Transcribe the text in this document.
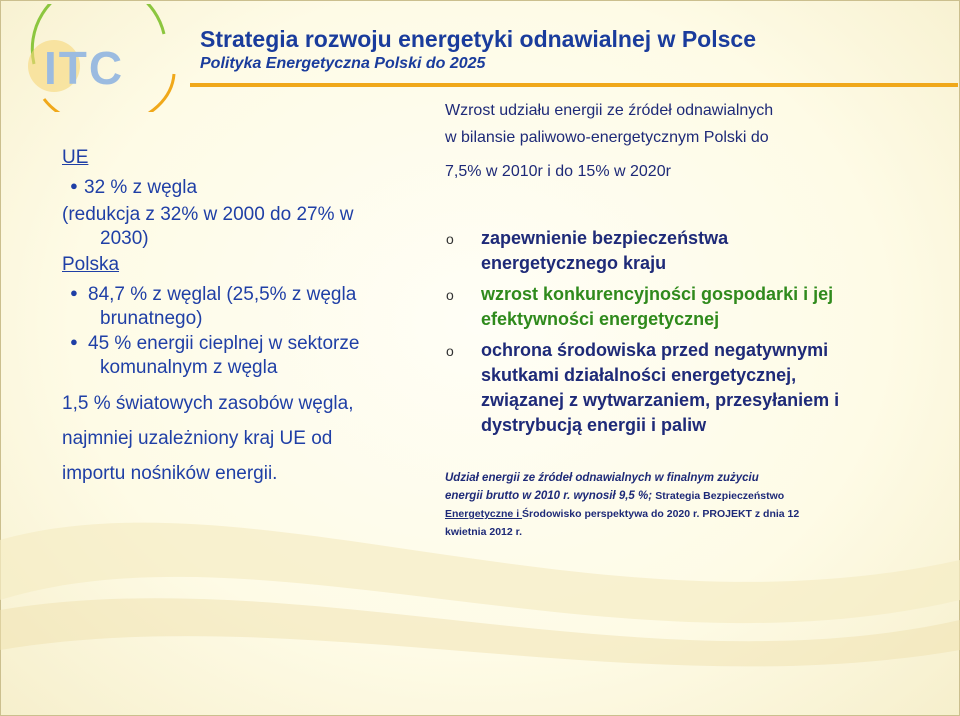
ITC
Strategia rozwoju energetyki odnawialnej w Polsce
Polityka Energetyczna Polski do 2025
UE
● 32 % z węgla
(redukcja z 32% w 2000 do 27% w
2030)
Polska
● 84,7 % z węglal (25,5% z węgla
brunatnego)
● 45 % energii cieplnej w sektorze
komunalnym z węgla
1,5 % światowych zasobów węgla,
najmniej uzależniony kraj UE od
importu nośników energii.
Wzrost udziału energii ze źródeł odnawialnych
w bilansie paliwowo-energetycznym Polski do
7,5% w 2010r i do 15% w 2020r
o zapewnienie bezpieczeństwa
energetycznego kraju
o wzrost konkurencyjności gospodarki i jej
efektywności energetycznej
o ochrona środowiska przed negatywnymi
skutkami działalności energetycznej,
związanej z wytwarzaniem, przesyłaniem i
dystrybucją energii i paliw
Udział energii ze źródeł odnawialnych w finalnym zużyciu
energii brutto w 2010 r. wynosił 9,5 %; Strategia Bezpieczeństwo
Energetyczne i Środowisko perspektywa do 2020 r. PROJEKT z dnia 12
kwietnia 2012 r.
